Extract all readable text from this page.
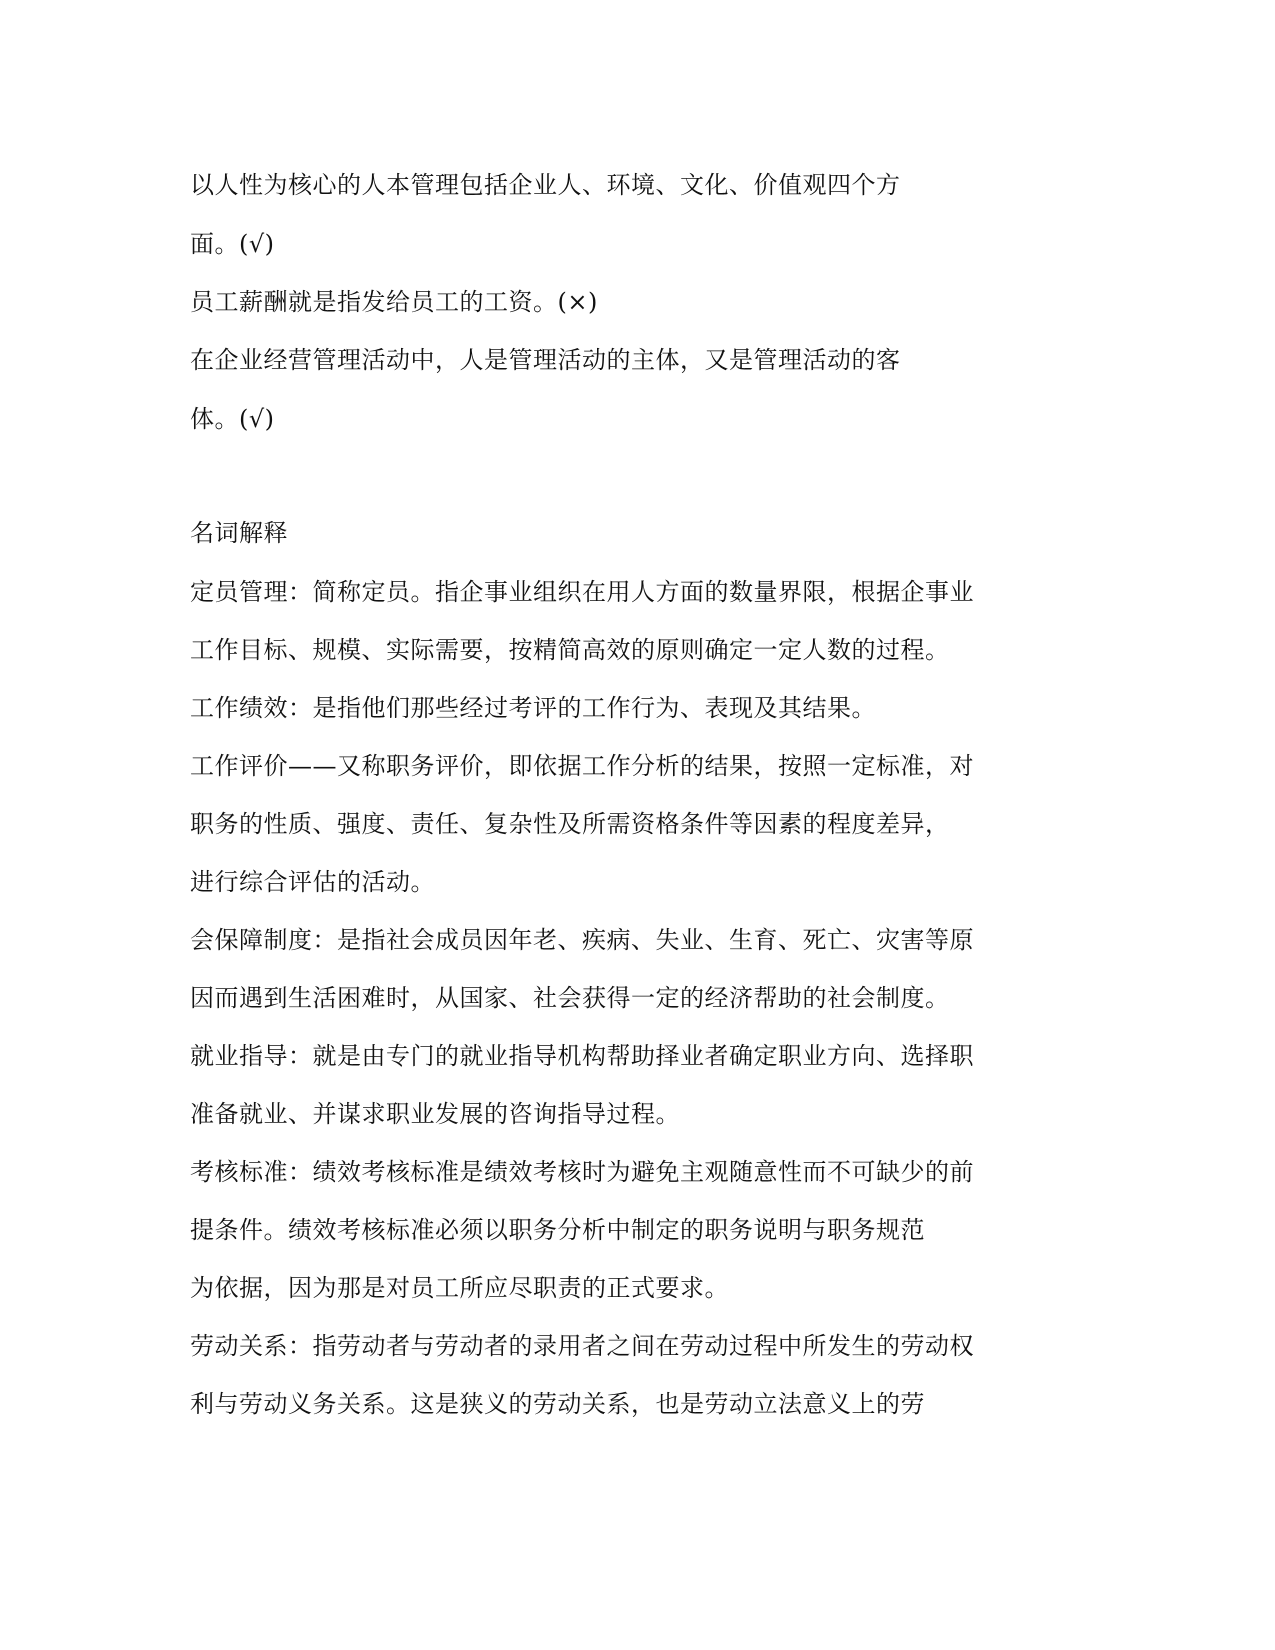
以人性为核心的人本管理包括企业人、环境、文化、价值观四个方
面。(√)
员工薪酬就是指发给员工的工资。(×)
在企业经营管理活动中，人是管理活动的主体，又是管理活动的客
体。(√)
名词解释
定员管理：简称定员。指企事业组织在用人方面的数量界限，根据企事业
工作目标、规模、实际需要，按精简高效的原则确定一定人数的过程。
工作绩效：是指他们那些经过考评的工作行为、表现及其结果。
工作评价——又称职务评价，即依据工作分析的结果，按照一定标准，对
职务的性质、强度、责任、复杂性及所需资格条件等因素的程度差异，
进行综合评估的活动。
会保障制度：是指社会成员因年老、疾病、失业、生育、死亡、灾害等原
因而遇到生活困难时，从国家、社会获得一定的经济帮助的社会制度。
就业指导：就是由专门的就业指导机构帮助择业者确定职业方向、选择职
准备就业、并谋求职业发展的咨询指导过程。
考核标准：绩效考核标准是绩效考核时为避免主观随意性而不可缺少的前
提条件。绩效考核标准必须以职务分析中制定的职务说明与职务规范
为依据，因为那是对员工所应尽职责的正式要求。
劳动关系：指劳动者与劳动者的录用者之间在劳动过程中所发生的劳动权
利与劳动义务关系。这是狭义的劳动关系，也是劳动立法意义上的劳
